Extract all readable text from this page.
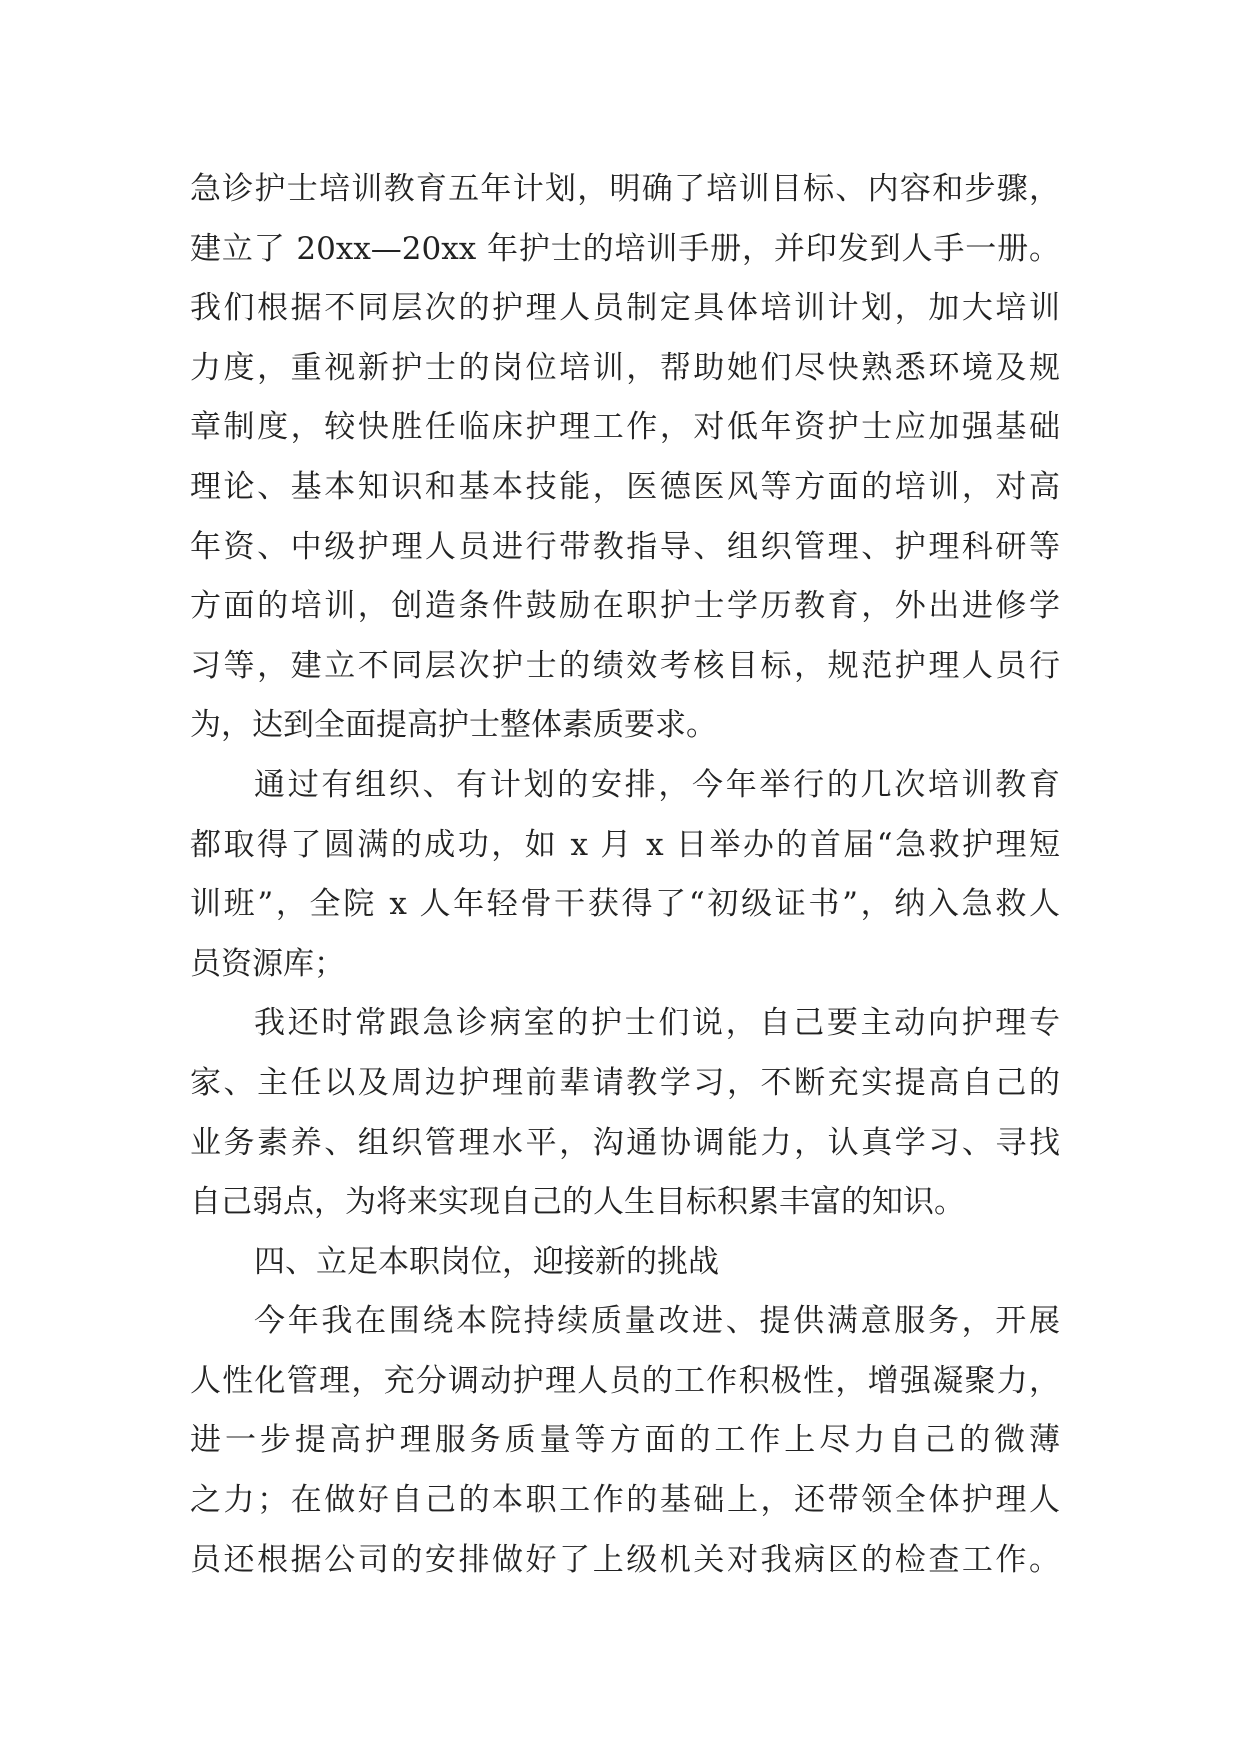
急诊护士培训教育五年计划，明确了培训目标、内容和步骤，
建立了 20xx—20xx 年护士的培训手册，并印发到人手一册。
我们根据不同层次的护理人员制定具体培训计划，加大培训
力度，重视新护士的岗位培训，帮助她们尽快熟悉环境及规
章制度，较快胜任临床护理工作，对低年资护士应加强基础
理论、基本知识和基本技能，医德医风等方面的培训，对高
年资、中级护理人员进行带教指导、组织管理、护理科研等
方面的培训，创造条件鼓励在职护士学历教育，外出进修学
习等，建立不同层次护士的绩效考核目标，规范护理人员行
为，达到全面提高护士整体素质要求。
通过有组织、有计划的安排，今年举行的几次培训教育
都取得了圆满的成功，如 x 月 x 日举办的首届“急救护理短
训班”，全院 x 人年轻骨干获得了“初级证书”，纳入急救人
员资源库；
我还时常跟急诊病室的护士们说，自己要主动向护理专
家、主任以及周边护理前辈请教学习，不断充实提高自己的
业务素养、组织管理水平，沟通协调能力，认真学习、寻找
自己弱点，为将来实现自己的人生目标积累丰富的知识。
四、立足本职岗位，迎接新的挑战
今年我在围绕本院持续质量改进、提供满意服务，开展
人性化管理，充分调动护理人员的工作积极性，增强凝聚力，
进一步提高护理服务质量等方面的工作上尽力自己的微薄
之力；在做好自己的本职工作的基础上，还带领全体护理人
员还根据公司的安排做好了上级机关对我病区的检查工作。
